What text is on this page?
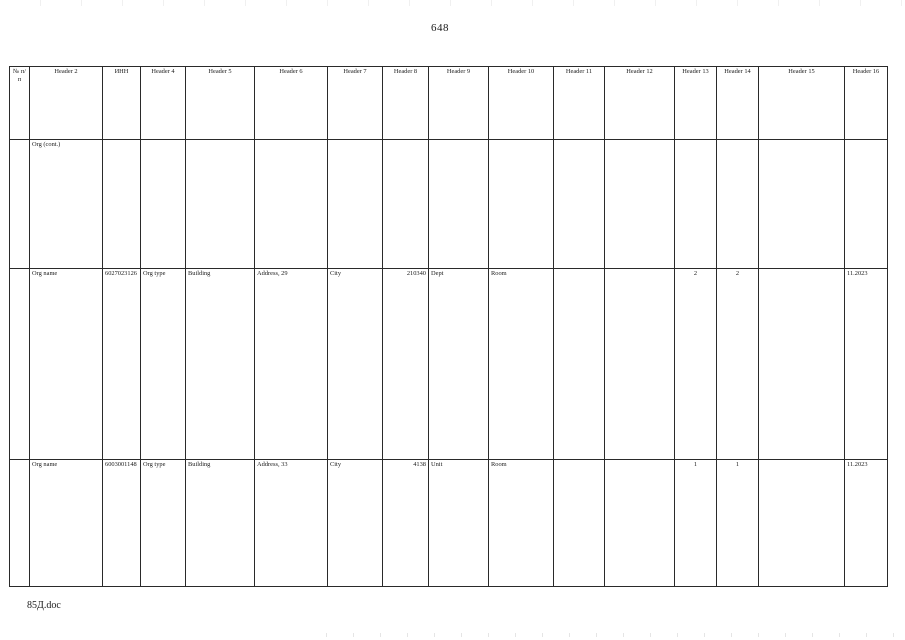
648
№ п/п	Header 2	ИНН	Header 4	Header 5	Header 6	Header 7	Header 8	Header 9	Header 10	Header 11	Header 12	Header 13	Header 14	Header 15	Header 16
	Org (cont.)														
	Org name	6027023126	Org type	Building	Address, 29	City	210340	Dept	Room			2	2		11.2023
	Org name	6003001148	Org type	Building	Address, 33	City	4138	Unit	Room			1	1		11.2023
85Д.doc
